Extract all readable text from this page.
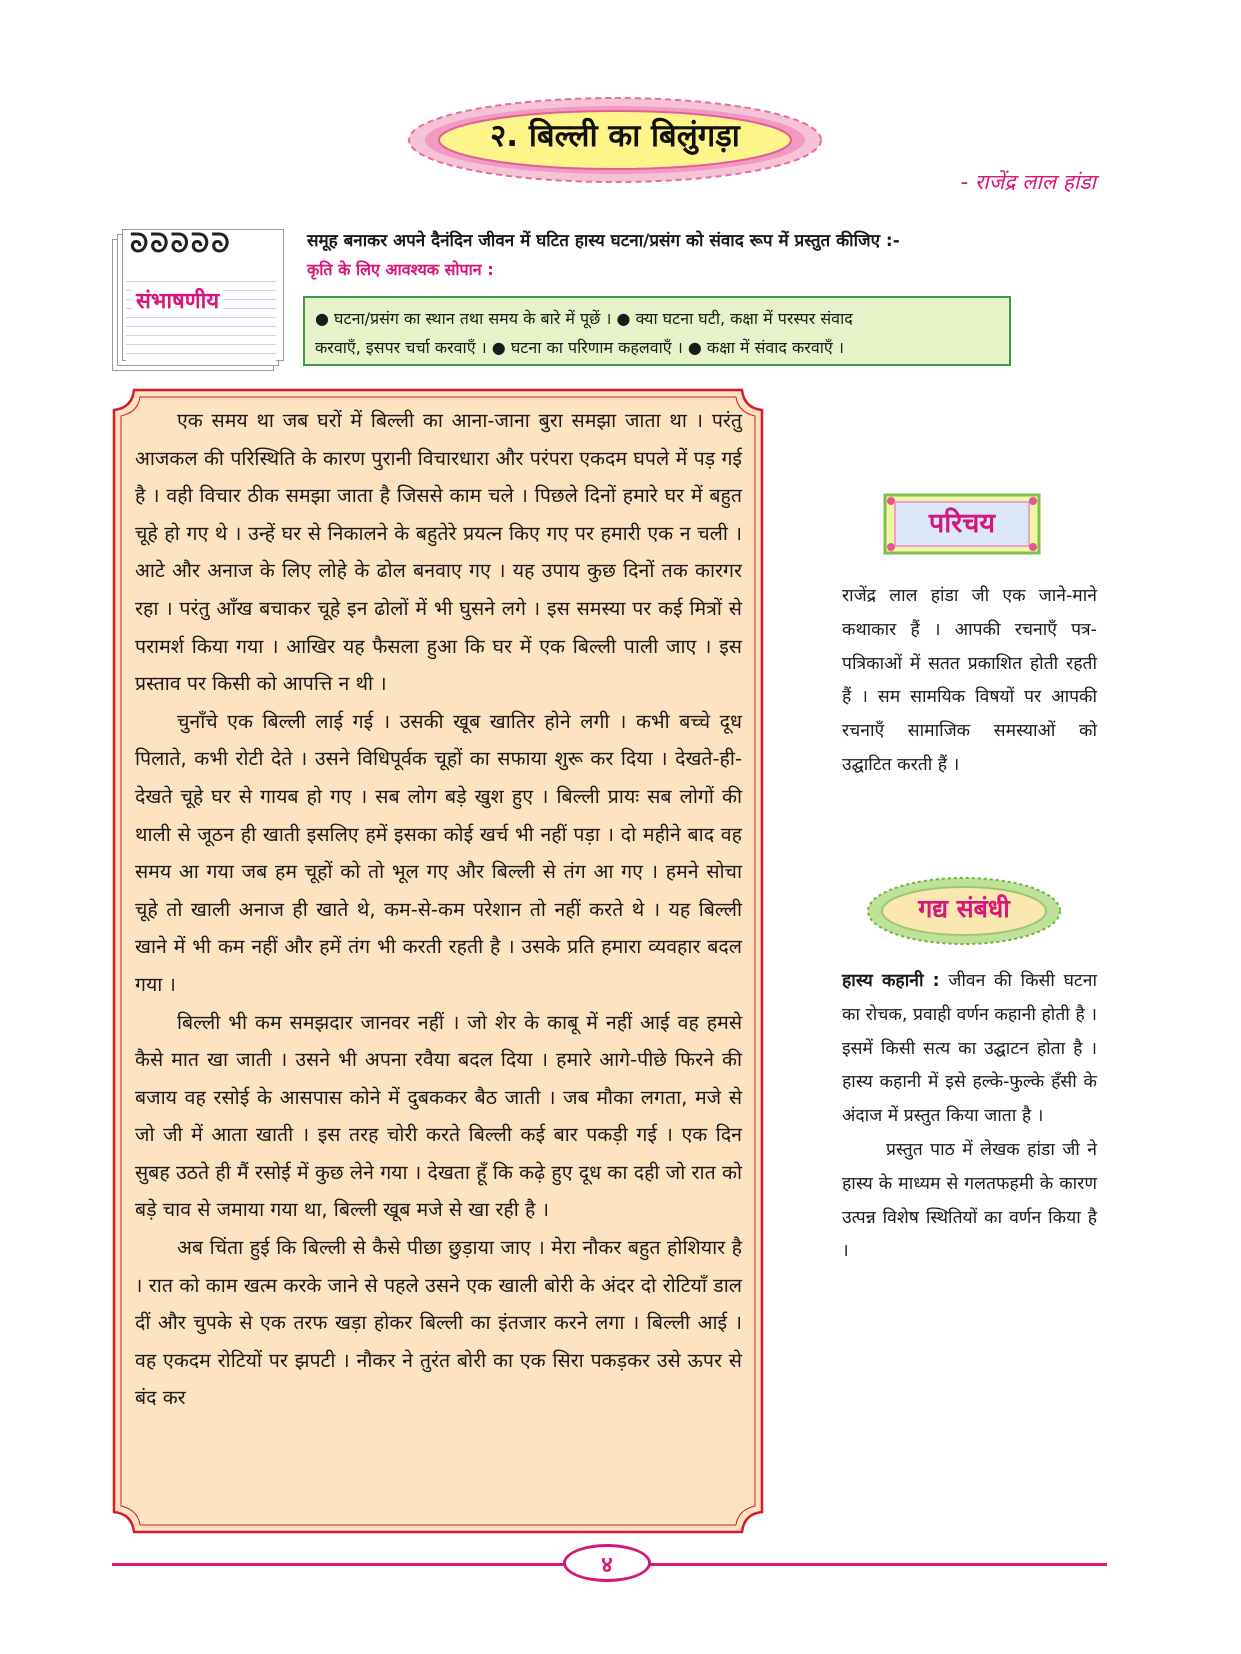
२. बिल्ली का बिलुंगड़ा
- राजेंद्र लाल हांडा
ᘐᘐᘐᘐᘐ
संभाषणीय
समूह बनाकर अपने दैनंदिन जीवन में घटित हास्य घटना/प्रसंग को संवाद रूप में प्रस्तुत कीजिए :-
कृति के लिए आवश्यक सोपान :
● घटना/प्रसंग का स्थान तथा समय के बारे में पूछें । ● क्या घटना घटी, कक्षा में परस्पर संवाद
करवाएँ, इसपर चर्चा करवाएँ । ● घटना का परिणाम कहलवाएँ । ● कक्षा में संवाद करवाएँ ।

एक समय था जब घरों में बिल्ली का आना-जाना बुरा समझा जाता था । परंतु आजकल की परिस्थिति के कारण पुरानी विचारधारा और परंपरा एकदम घपले में पड़ गई है । वही विचार ठीक समझा जाता है जिससे काम चले । पिछले दिनों हमारे घर में बहुत चूहे हो गए थे । उन्हें घर से निकालने के बहुतेरे प्रयत्न किए गए पर हमारी एक न चली । आटे और अनाज के लिए लोहे के ढोल बनवाए गए । यह उपाय कुछ दिनों तक कारगर रहा । परंतु आँख बचाकर चूहे इन ढोलों में भी घुसने लगे । इस समस्या पर कई मित्रों से परामर्श किया गया । आखिर यह फैसला हुआ कि घर में एक बिल्ली पाली जाए । इस प्रस्ताव पर किसी को आपत्ति न थी ।

चुनाँचे एक बिल्ली लाई गई । उसकी खूब खातिर होने लगी । कभी बच्चे दूध पिलाते, कभी रोटी देते । उसने विधिपूर्वक चूहों का सफाया शुरू कर दिया । देखते-ही-देखते चूहे घर से गायब हो गए । सब लोग बड़े खुश हुए । बिल्ली प्रायः सब लोगों की थाली से जूठन ही खाती इसलिए हमें इसका कोई खर्च भी नहीं पड़ा । दो महीने बाद वह समय आ गया जब हम चूहों को तो भूल गए और बिल्ली से तंग आ गए । हमने सोचा चूहे तो खाली अनाज ही खाते थे, कम-से-कम परेशान तो नहीं करते थे । यह बिल्ली खाने में भी कम नहीं और हमें तंग भी करती रहती है । उसके प्रति हमारा व्यवहार बदल गया ।

बिल्ली भी कम समझदार जानवर नहीं । जो शेर के काबू में नहीं आई वह हमसे कैसे मात खा जाती । उसने भी अपना रवैया बदल दिया । हमारे आगे-पीछे फिरने की बजाय वह रसोई के आसपास कोने में दुबककर बैठ जाती । जब मौका लगता, मजे से जो जी में आता खाती । इस तरह चोरी करते बिल्ली कई बार पकड़ी गई । एक दिन सुबह उठते ही मैं रसोई में कुछ लेने गया । देखता हूँ कि कढ़े हुए दूध का दही जो रात को बड़े चाव से जमाया गया था, बिल्ली खूब मजे से खा रही है ।

अब चिंता हुई कि बिल्ली से कैसे पीछा छुड़ाया जाए । मेरा नौकर बहुत होशियार है । रात को काम खत्म करके जाने से पहले उसने एक खाली बोरी के अंदर दो रोटियाँ डाल दीं और चुपके से एक तरफ खड़ा होकर बिल्ली का इंतजार करने लगा । बिल्ली आई । वह एकदम रोटियों पर झपटी । नौकर ने तुरंत बोरी का एक सिरा पकड़कर उसे ऊपर से बंद कर

परिचय
राजेंद्र लाल हांडा जी एक जाने-माने कथाकार हैं । आपकी रचनाएँ पत्र-पत्रिकाओं में सतत प्रकाशित होती रहती हैं । सम सामयिक विषयों पर आपकी रचनाएँ सामाजिक समस्याओं को उद्घाटित करती हैं ।
गद्य संबंधी

हास्य कहानी : जीवन की किसी घटना का रोचक, प्रवाही वर्णन कहानी होती है । इसमें किसी सत्य का उद्घाटन होता है । हास्य कहानी में इसे हल्के-फुल्के हँसी के अंदाज में प्रस्तुत किया जाता है ।

प्रस्तुत पाठ में लेखक हांडा जी ने हास्य के माध्यम से गलतफहमी के कारण उत्पन्न विशेष स्थितियों का वर्णन किया है ।

४
